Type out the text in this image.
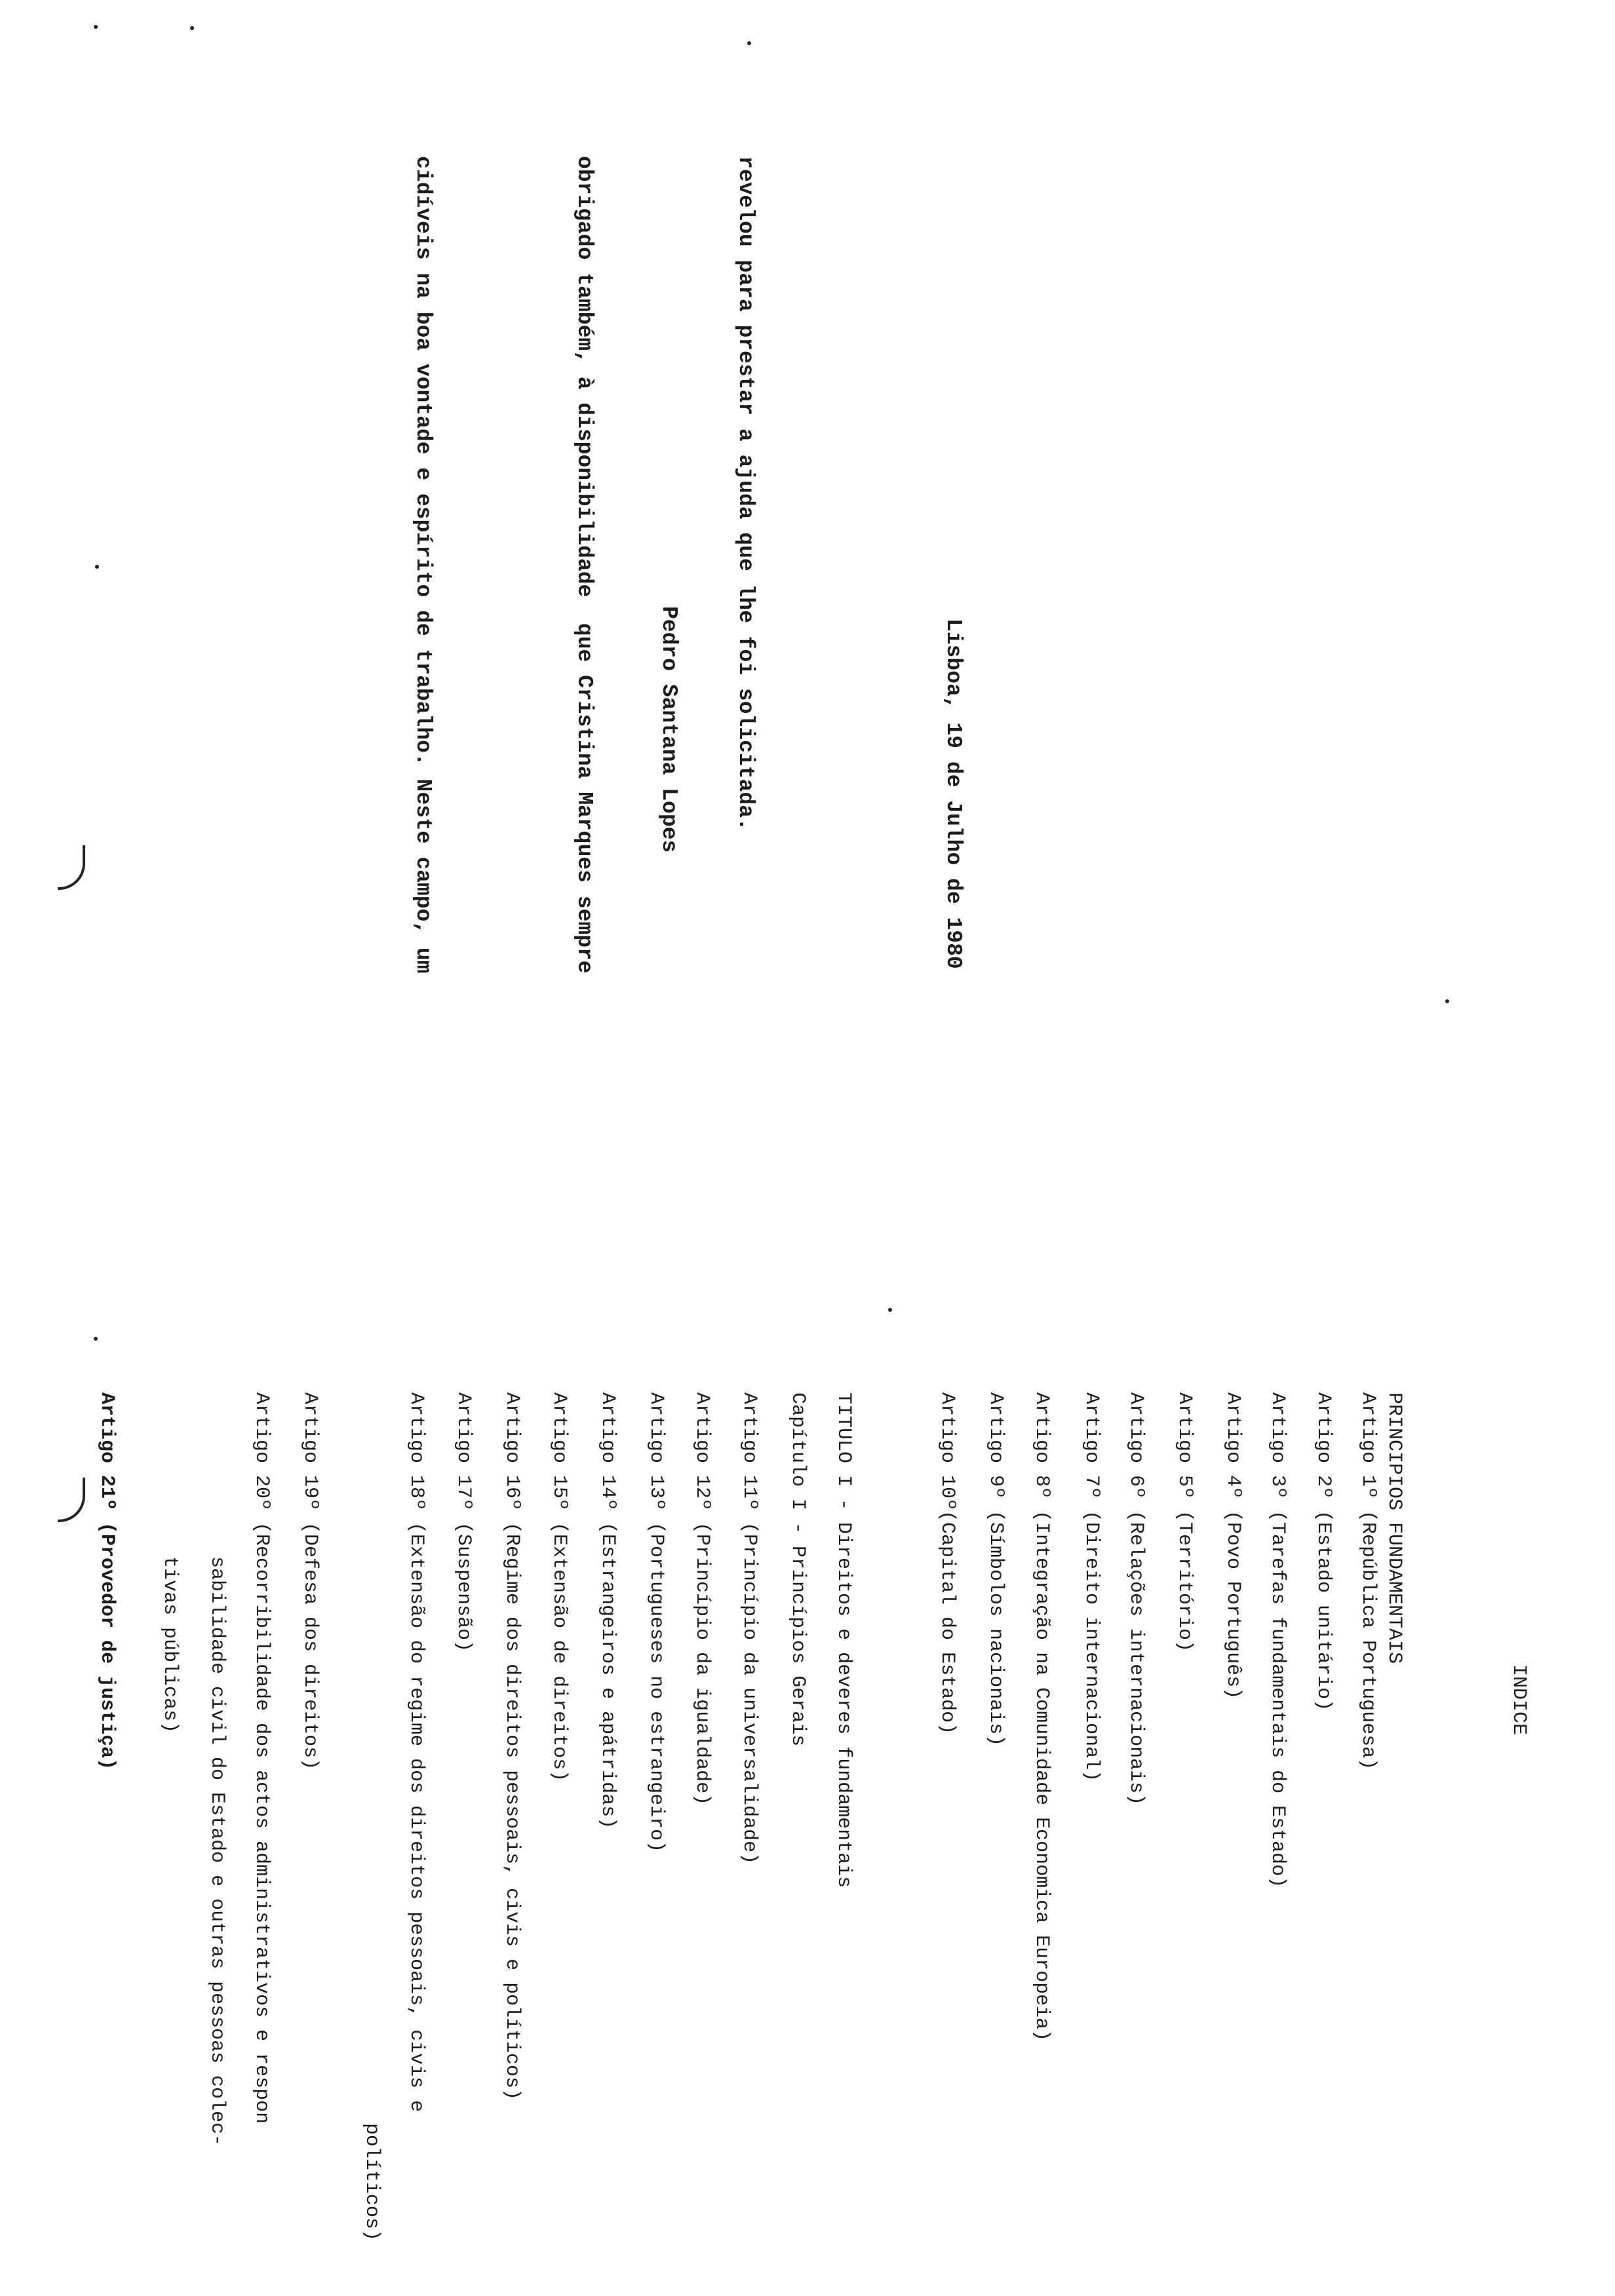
revelou para prestar a ajuda que lhe foi solicitada.

obrigado também, à disponibilidade  que Cristina Marques sempre

cidíveis na boa vontade e espírito de trabalho. Neste campo, um

	Lisboa, 19 de Julho de 1980
Pedro Santana Lopes
INDICE
PRINCIPIOS FUNDAMENTAIS
Artigo 1º (República Portuguesa)
Artigo 2º (Estado unitário)
Artigo 3º (Tarefas fundamentais do Estado)
Artigo 4º (Povo Português)
Artigo 5º (Território)
Artigo 6º (Relações internacionais)
Artigo 7º (Direito internacional)
Artigo 8º (Integração na Comunidade Economica Europeia)
Artigo 9º (Símbolos nacionais)
Artigo 10º(Capital do Estado)
TITULO I - Direitos e deveres fundamentais
Capítulo I - Princípios Gerais
Artigo 11º (Princípio da universalidade)
Artigo 12º (Princípio da igualdade)
Artigo 13º (Portugueses no estrangeiro)
Artigo 14º (Estrangeiros e apátridas)
Artigo 15º (Extensão de direitos)
Artigo 16º (Regime dos direitos pessoais, civis e políticos)
Artigo 17º (Suspensão)
Artigo 18º (Extensão do regime dos direitos pessoais, civis e
políticos)
Artigo 19º (Defesa dos direitos)
Artigo 20º (Recorribilidade dos actos administrativos e respon
sabilidade civil do Estado e outras pessoas colec-
tivas públicas)
Artigo 21º (Provedor de justiça)
